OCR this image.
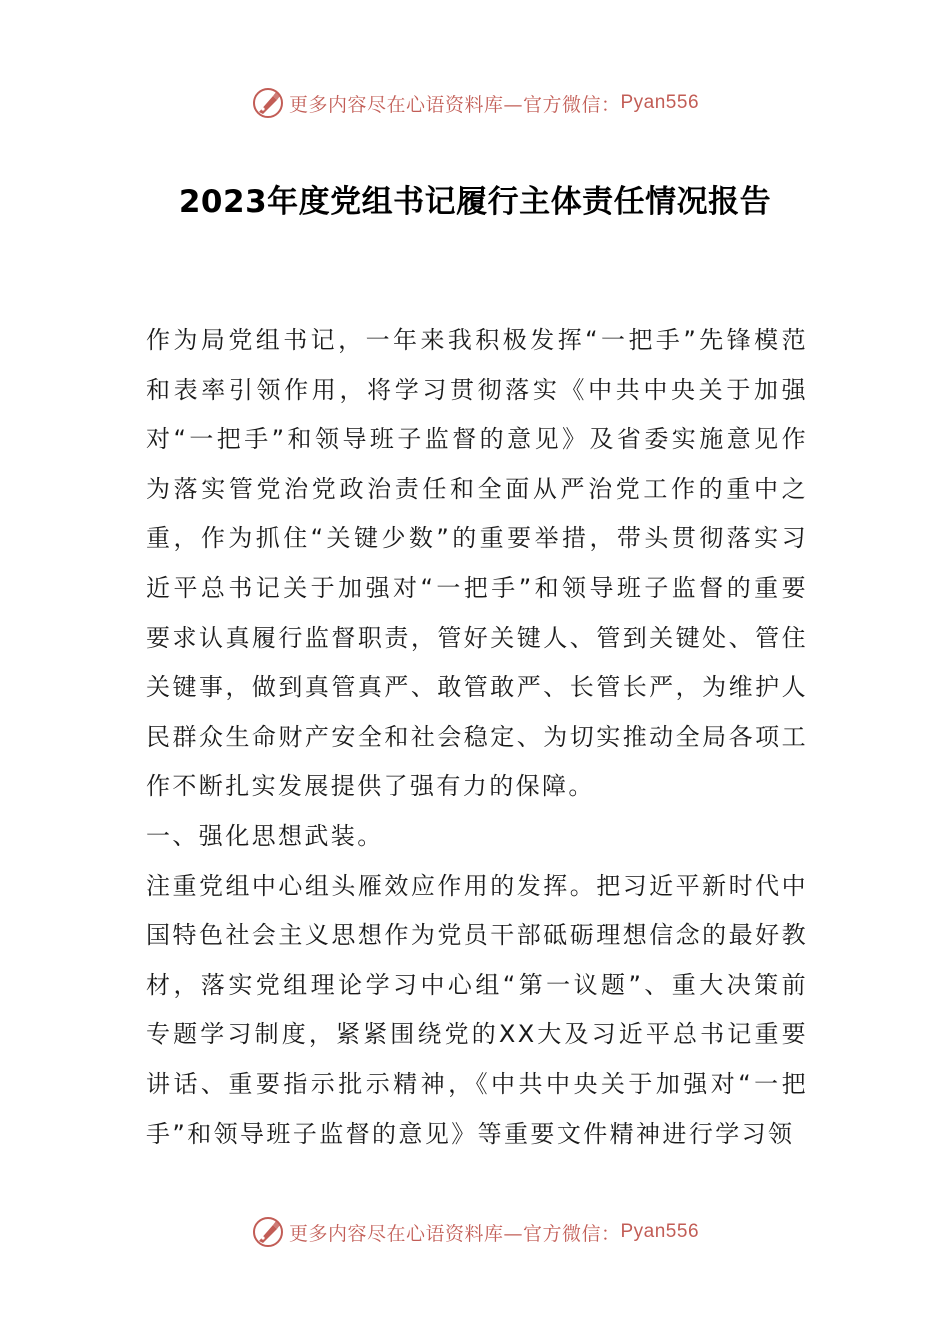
更多内容尽在心语资料库—官方微信： Pyan556
2023年度党组书记履行主体责任情况报告

作为局党组书记，一年来我积极发挥“一把手”先锋模范和表率引领作用，将学习贯彻落实《中共中央关于加强对“一把手”和领导班子监督的意见》及省委实施意见作为落实管党治党政治责任和全面从严治党工作的重中之重，作为抓住“关键少数”的重要举措，带头贯彻落实习近平总书记关于加强对“一把手”和领导班子监督的重要要求认真履行监督职责，管好关键人、管到关键处、管住关键事，做到真管真严、敢管敢严、长管长严，为维护人民群众生命财产安全和社会稳定、为切实推动全局各项工作不断扎实发展提供了强有力的保障。

一、强化思想武装。

注重党组中心组头雁效应作用的发挥。把习近平新时代中国特色社会主义思想作为党员干部砥砺理想信念的最好教材，落实党组理论学习中心组“第一议题”、重大决策前专题学习制度，紧紧围绕党的XX大及习近平总书记重要讲话、重要指示批示精神，《中共中央关于加强对“一把手”和领导班子监督的意见》等重要文件精神进行学习领

更多内容尽在心语资料库—官方微信： Pyan556
